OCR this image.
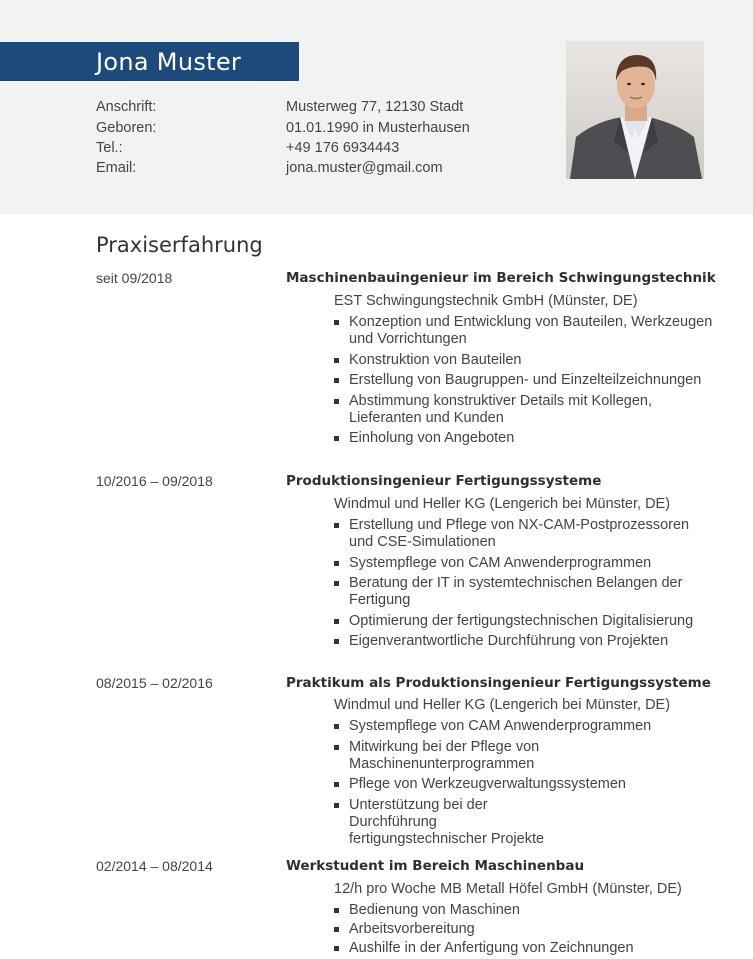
Jona Muster
Anschrift:	Musterweg 77, 12130 Stadt
Geboren:	01.01.1990 in Musterhausen
Tel.:	+49 176 6934443
Email:	jona.muster@gmail.com
Praxiserfahrung
seit 09/2018	Maschinenbauingenieur im Bereich Schwingungstechnik
EST Schwingungstechnik GmbH (Münster, DE)
Konzeption und Entwicklung von Bauteilen, Werkzeugen und Vorrichtungen
Konstruktion von Bauteilen
Erstellung von Baugruppen- und Einzelteilzeichnungen
Abstimmung konstruktiver Details mit Kollegen, Lieferanten und Kunden
Einholung von Angeboten
10/2016 – 09/2018	Produktionsingenieur Fertigungssysteme
Windmul und Heller KG (Lengerich bei Münster, DE)
Erstellung und Pflege von NX-CAM-Postprozessoren und CSE-Simulationen
Systempflege von CAM Anwenderprogrammen
Beratung der IT in systemtechnischen Belangen der Fertigung
Optimierung der fertigungstechnischen Digitalisierung
Eigenverantwortliche Durchführung von Projekten
08/2015 – 02/2016	Praktikum als Produktionsingenieur Fertigungssysteme
Windmul und Heller KG (Lengerich bei Münster, DE)
Systempflege von CAM Anwenderprogrammen
Mitwirkung bei der Pflege von Maschinenunterprogrammen
Pflege von Werkzeugverwaltungssystemen
Unterstützung bei der Durchführung fertigungstechnischer Projekte
02/2014 – 08/2014	Werkstudent im Bereich Maschinenbau
12/h pro Woche MB Metall Höfel GmbH (Münster, DE)
Bedienung von Maschinen
Arbeitsvorbereitung
Aushilfe in der Anfertigung von Zeichnungen
